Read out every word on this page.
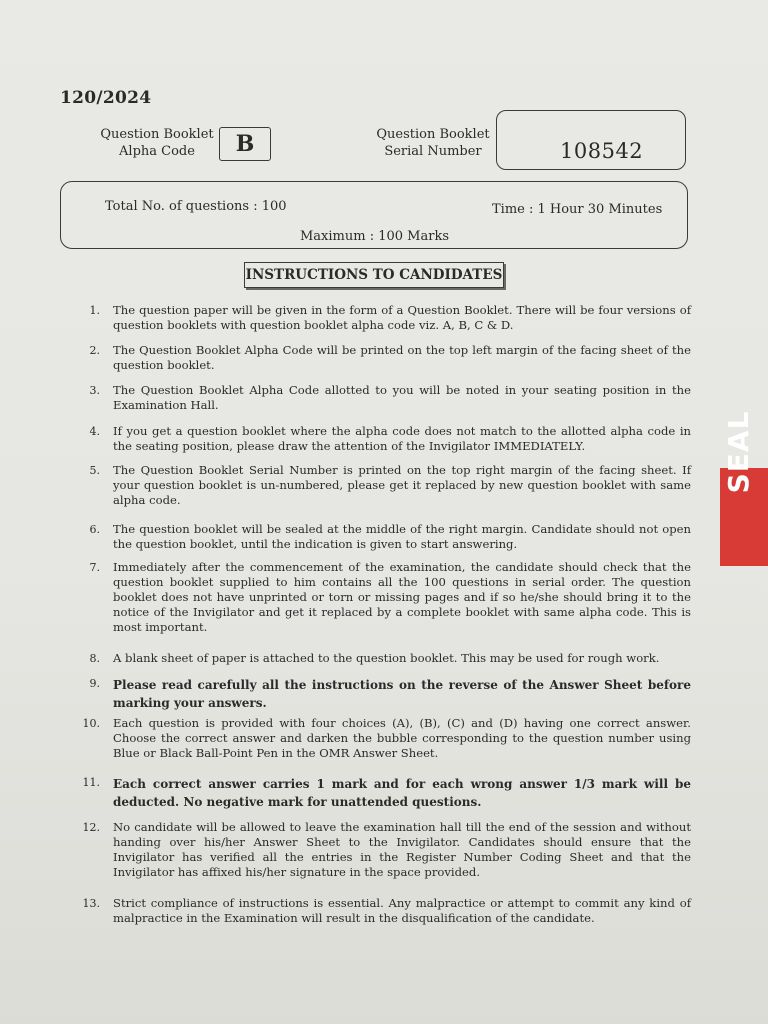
120/2024
Question Booklet
Alpha Code	B	Question Booklet
Serial Number	108542
Total No. of questions : 100	Time : 1 Hour 30 Minutes
Maximum : 100 Marks
INSTRUCTIONS TO CANDIDATES
1. The question paper will be given in the form of a Question Booklet. There will be four versions of question booklets with question booklet alpha code viz. A, B, C & D.
2. The Question Booklet Alpha Code will be printed on the top left margin of the facing sheet of the question booklet.
3. The Question Booklet Alpha Code allotted to you will be noted in your seating position in the Examination Hall.
4. If you get a question booklet where the alpha code does not match to the allotted alpha code in the seating position, please draw the attention of the Invigilator IMMEDIATELY.
5. The Question Booklet Serial Number is printed on the top right margin of the facing sheet. If your question booklet is un-numbered, please get it replaced by new question booklet with same alpha code.
6. The question booklet will be sealed at the middle of the right margin. Candidate should not open the question booklet, until the indication is given to start answering.
7. Immediately after the commencement of the examination, the candidate should check that the question booklet supplied to him contains all the 100 questions in serial order. The question booklet does not have unprinted or torn or missing pages and if so he/she should bring it to the notice of the Invigilator and get it replaced by a complete booklet with same alpha code. This is most important.
8. A blank sheet of paper is attached to the question booklet. This may be used for rough work.
9. Please read carefully all the instructions on the reverse of the Answer Sheet before marking your answers.
10. Each question is provided with four choices (A), (B), (C) and (D) having one correct answer. Choose the correct answer and darken the bubble corresponding to the question number using Blue or Black Ball-Point Pen in the OMR Answer Sheet.
11. Each correct answer carries 1 mark and for each wrong answer 1/3 mark will be deducted. No negative mark for unattended questions.
12. No candidate will be allowed to leave the examination hall till the end of the session and without handing over his/her Answer Sheet to the Invigilator. Candidates should ensure that the Invigilator has verified all the entries in the Register Number Coding Sheet and that the Invigilator has affixed his/her signature in the space provided.
13. Strict compliance of instructions is essential. Any malpractice or attempt to commit any kind of malpractice in the Examination will result in the disqualification of the candidate.
SEAL
